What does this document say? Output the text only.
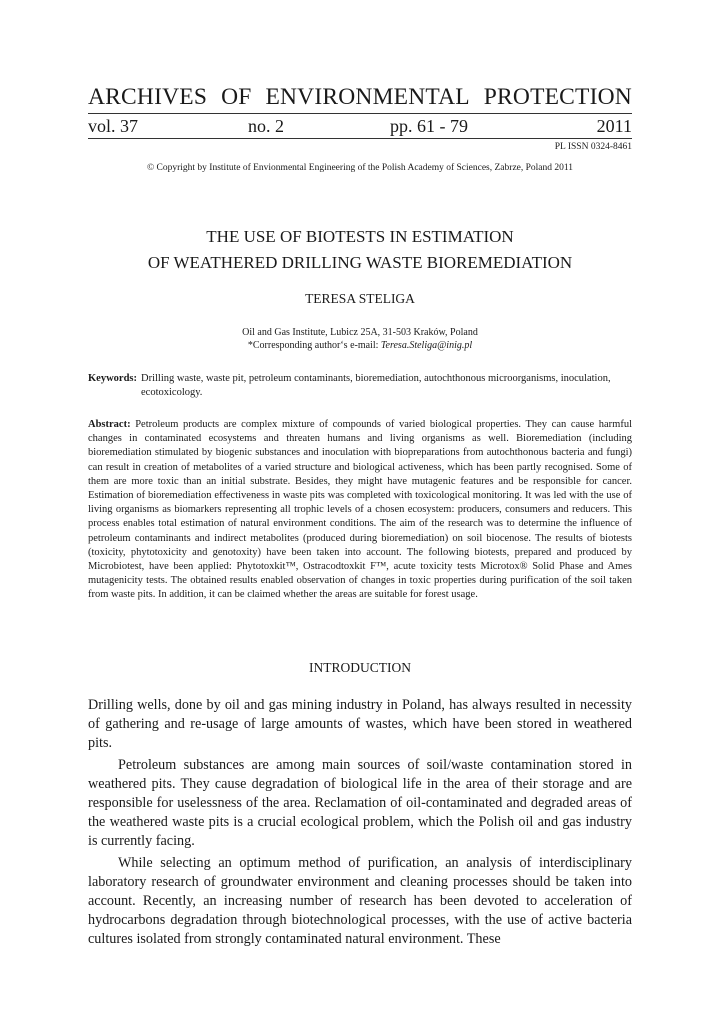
ARCHIVES OF ENVIRONMENTAL PROTECTION
vol. 37	no. 2	pp. 61 - 79	2011
PL ISSN 0324-8461
© Copyright by Institute of Envionmental Engineering of the Polish Academy of Sciences, Zabrze, Poland 2011
THE USE OF BIOTESTS IN ESTIMATION
OF WEATHERED DRILLING WASTE BIOREMEDIATION
TERESA STELIGA
Oil and Gas Institute, Lubicz 25A, 31-503 Kraków, Poland
*Corresponding author‘s e-mail: Teresa.Steliga@inig.pl
Keywords: Drilling waste, waste pit, petroleum contaminants, bioremediation, autochthonous microorganisms, inoculation, ecotoxicology.
Abstract: Petroleum products are complex mixture of compounds of varied biological properties. They can cause harmful changes in contaminated ecosystems and threaten humans and living organisms as well. Bioremediation (including bioremediation stimulated by biogenic substances and inoculation with biopreparations from autochthonous bacteria and fungi) can result in creation of metabolites of a varied structure and biological activeness, which has been partly recognised. Some of them are more toxic than an initial substrate. Besides, they might have mutagenic features and be responsible for cancer. Estimation of bioremediation effectiveness in waste pits was completed with toxicological monitoring. It was led with the use of living organisms as biomarkers representing all trophic levels of a chosen ecosystem: producers, consumers and reducers. This process enables total estimation of natural environment conditions. The aim of the research was to determine the influence of petroleum contaminants and indirect metabolites (produced during bioremediation) on soil biocenose. The results of biotests (toxicity, phytotoxicity and genotoxity) have been taken into account. The following biotests, prepared and produced by Microbiotest, have been applied: Phytotoxkit™, Ostracodtoxkit F™, acute toxicity tests Microtox® Solid Phase and Ames mutagenicity tests. The obtained results enabled observation of changes in toxic properties during purification of the soil taken from waste pits. In addition, it can be claimed whether the areas are suitable for forest usage.
INTRODUCTION

Drilling wells, done by oil and gas mining industry in Poland, has always resulted in necessity of gathering and re-usage of large amounts of wastes, which have been stored in weathered pits.

Petroleum substances are among main sources of soil/waste contamination stored in weathered pits. They cause degradation of biological life in the area of their storage and are responsible for uselessness of the area. Reclamation of oil-contaminated and degraded areas of the weathered waste pits is a crucial ecological problem, which the Polish oil and gas industry is currently facing.

While selecting an optimum method of purification, an analysis of interdisciplinary laboratory research of groundwater environment and cleaning processes should be taken into account. Recently, an increasing number of research has been devoted to acceleration of hydrocarbons degradation through biotechnological processes, with the use of active bacteria cultures isolated from strongly contaminated natural environment. These
